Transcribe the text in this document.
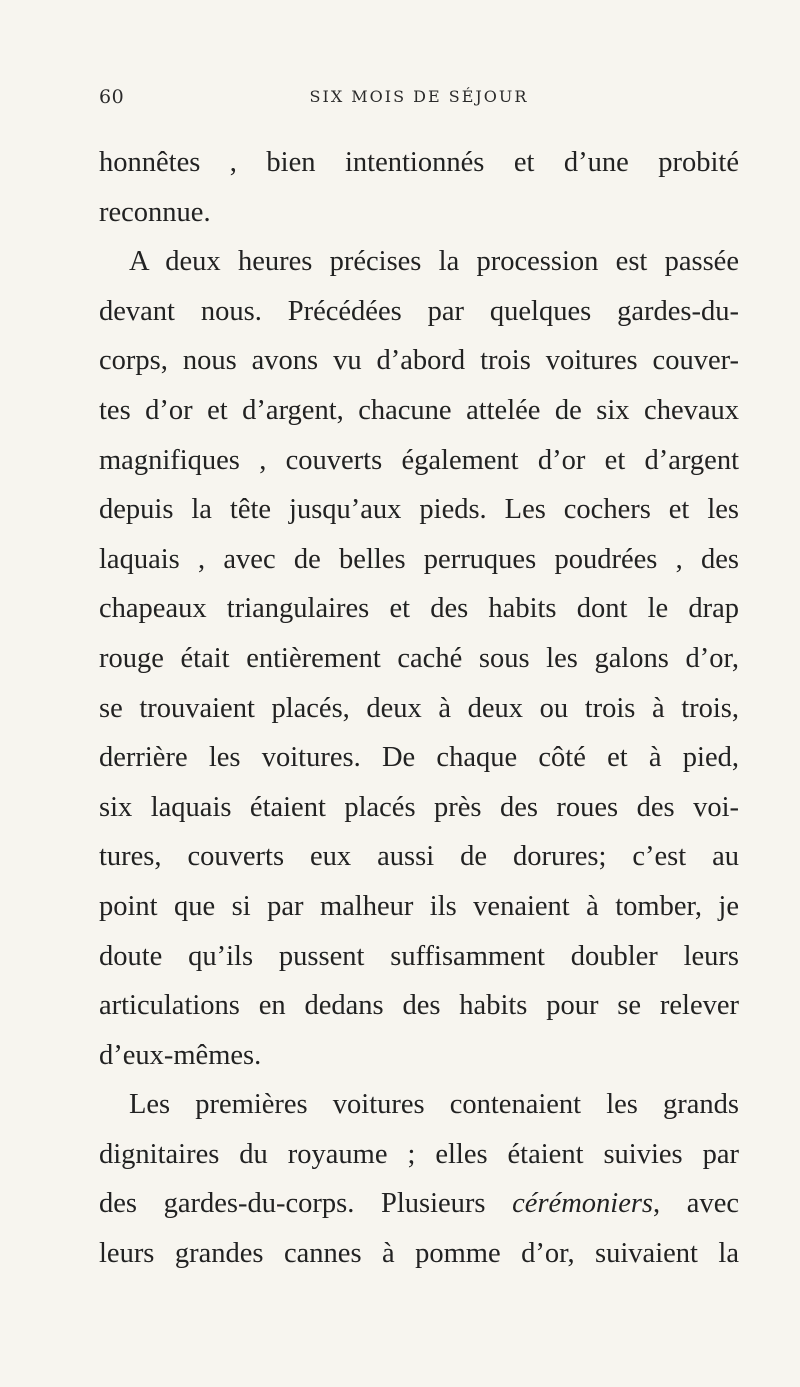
60	SIX MOIS DE SÉJOUR
honnêtes , bien intentionnés et d’une probité
reconnue.
A deux heures précises la procession est passée
devant nous. Précédées par quelques gardes-du-
corps, nous avons vu d’abord trois voitures couver-
tes d’or et d’argent, chacune attelée de six chevaux
magnifiques , couverts également d’or et d’argent
depuis la tête jusqu’aux pieds. Les cochers et les
laquais , avec de belles perruques poudrées , des
chapeaux triangulaires et des habits dont le drap
rouge était entièrement caché sous les galons d’or,
se trouvaient placés, deux à deux ou trois à trois,
derrière les voitures. De chaque côté et à pied,
six laquais étaient placés près des roues des voi-
tures, couverts eux aussi de dorures; c’est au
point que si par malheur ils venaient à tomber, je
doute qu’ils pussent suffisamment doubler leurs
articulations en dedans des habits pour se relever
d’eux-mêmes.
Les premières voitures contenaient les grands
dignitaires du royaume ; elles étaient suivies par
des gardes-du-corps. Plusieurs cérémoniers, avec
leurs grandes cannes à pomme d’or, suivaient la
